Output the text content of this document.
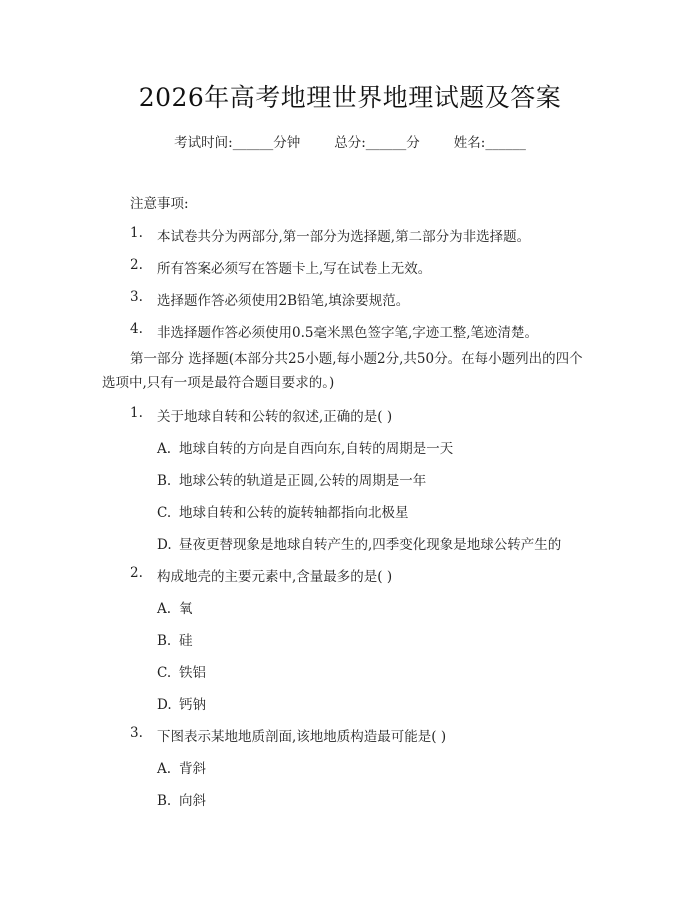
2026年高考地理世界地理试题及答案
考试时间:______分钟	总分:______分	姓名:______
注意事项:
1. 本试卷共分为两部分,第一部分为选择题,第二部分为非选择题。
2. 所有答案必须写在答题卡上,写在试卷上无效。
3. 选择题作答必须使用2B铅笔,填涂要规范。
4. 非选择题作答必须使用0.5毫米黑色签字笔,字迹工整,笔迹清楚。
第一部分 选择题(本部分共25小题,每小题2分,共50分。在每小题列出的四个选项中,只有一项是最符合题目要求的。)
1. 关于地球自转和公转的叙述,正确的是( )
A. 地球自转的方向是自西向东,自转的周期是一天
B. 地球公转的轨道是正圆,公转的周期是一年
C. 地球自转和公转的旋转轴都指向北极星
D. 昼夜更替现象是地球自转产生的,四季变化现象是地球公转产生的
2. 构成地壳的主要元素中,含量最多的是( )
A. 氧
B. 硅
C. 铁铝
D. 钙钠
3. 下图表示某地地质剖面,该地地质构造最可能是( )
A. 背斜
B. 向斜
